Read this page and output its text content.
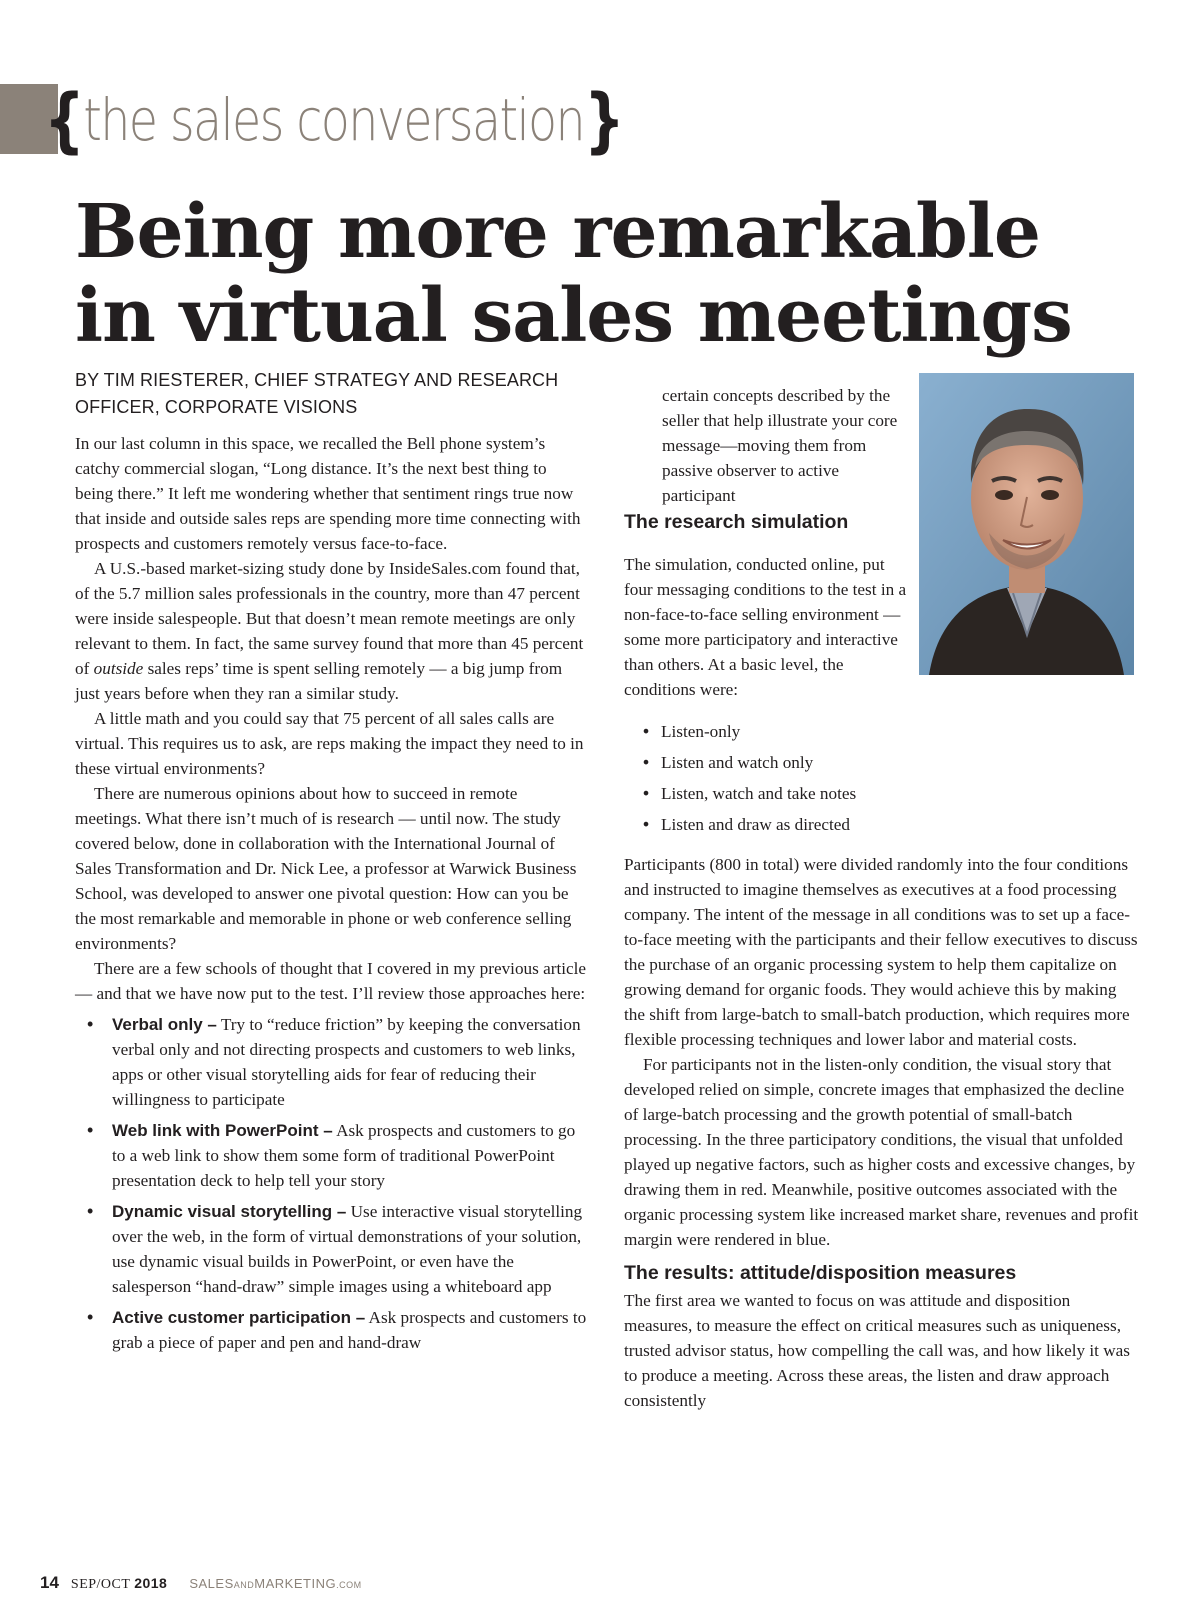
{ the sales conversation }
Being more remarkable
in virtual sales meetings

BY TIM RIESTERER, CHIEF STRATEGY AND RESEARCH OFFICER, CORPORATE VISIONS

In our last column in this space, we recalled the Bell phone system’s catchy commercial slogan, “Long distance. It’s the next best thing to being there.” It left me wondering whether that sentiment rings true now that inside and outside sales reps are spending more time connecting with prospects and customers remotely versus face-to-face.

A U.S.-based market-sizing study done by InsideSales.com found that, of the 5.7 million sales professionals in the country, more than 47 percent were inside salespeople. But that doesn’t mean remote meetings are only relevant to them. In fact, the same survey found that more than 45 percent of outside sales reps’ time is spent selling remotely — a big jump from just years before when they ran a similar study.

A little math and you could say that 75 percent of all sales calls are virtual. This requires us to ask, are reps making the impact they need to in these virtual environments?

There are numerous opinions about how to succeed in remote meetings. What there isn’t much of is research — until now. The study covered below, done in collaboration with the International Journal of Sales Transformation and Dr. Nick Lee, a professor at Warwick Business School, was developed to answer one pivotal question: How can you be the most remarkable and memorable in phone or web conference selling environments?

There are a few schools of thought that I covered in my previous article — and that we have now put to the test. I’ll review those approaches here:

• Verbal only – Try to “reduce friction” by keeping the conversation verbal only and not directing prospects and customers to web links, apps or other visual storytelling aids for fear of reducing their willingness to participate
• Web link with PowerPoint – Ask prospects and customers to go to a web link to show them some form of traditional PowerPoint presentation deck to help tell your story
• Dynamic visual storytelling – Use interactive visual storytelling over the web, in the form of virtual demonstrations of your solution, use dynamic visual builds in PowerPoint, or even have the salesperson “hand-draw” simple images using a whiteboard app
• Active customer participation – Ask prospects and customers to grab a piece of paper and pen and hand-draw

certain concepts described by the seller that help illustrate your core message—moving them from passive observer to active participant

The research simulation

The simulation, conducted online, put four messaging conditions to the test in a non-face-to-face selling environment — some more participatory and interactive than others. At a basic level, the conditions were:

• Listen-only
• Listen and watch only
• Listen, watch and take notes
• Listen and draw as directed

Participants (800 in total) were divided randomly into the four conditions and instructed to imagine themselves as executives at a food processing company. The intent of the message in all conditions was to set up a face-to-face meeting with the participants and their fellow executives to discuss the purchase of an organic processing system to help them capitalize on growing demand for organic foods. They would achieve this by making the shift from large-batch to small-batch production, which requires more flexible processing techniques and lower labor and material costs.

For participants not in the listen-only condition, the visual story that developed relied on simple, concrete images that emphasized the decline of large-batch processing and the growth potential of small-batch processing. In the three participatory conditions, the visual that unfolded played up negative factors, such as higher costs and excessive changes, by drawing them in red. Meanwhile, positive outcomes associated with the organic processing system like increased market share, revenues and profit margin were rendered in blue.

The results: attitude/disposition measures

The first area we wanted to focus on was attitude and disposition measures, to measure the effect on critical measures such as uniqueness, trusted advisor status, how compelling the call was, and how likely it was to produce a meeting. Across these areas, the listen and draw approach consistently

14 SEP/OCT 2018 SALESANDMARKETING.COM
